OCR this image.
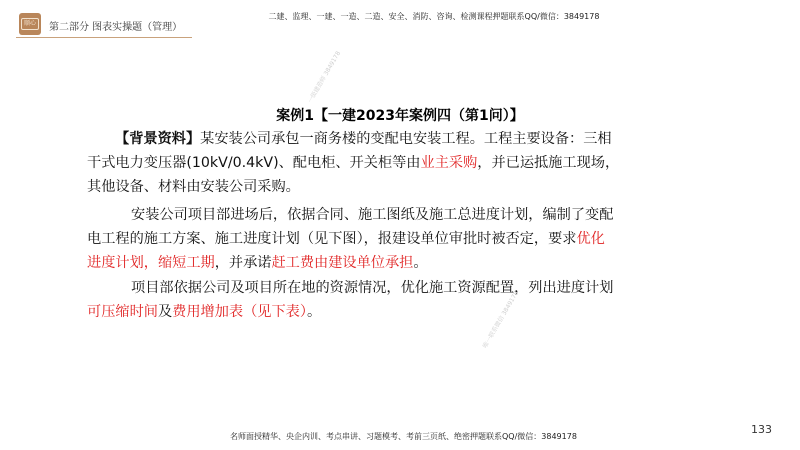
顺心	第二部分 图表实操题（管理）
二建、监理、一建、一造、二造、安全、消防、咨询、检测课程押题联系QQ/微信：3849178
案例1【一建2023年案例四（第1问）】
【背景资料】某安装公司承包一商务楼的变配电安装工程。工程主要设备：三相
干式电力变压器(10kV/0.4kV)、配电柜、开关柜等由业主采购，并已运抵施工现场，
其他设备、材料由安装公司采购。
安装公司项目部进场后，依据合同、施工图纸及施工总进度计划，编制了变配
电工程的施工方案、施工进度计划（见下图），报建设单位审批时被否定，要求优化
进度计划，缩短工期，并承诺赶工费由建设单位承担。
项目部依据公司及项目所在地的资源情况，优化施工资源配置，列出进度计划
可压缩时间及费用增加表（见下表）。
一级建造师 3849178
唯一联系微信 3849178
133
名师面授精华、央企内训、考点串讲、习题模考、考前三页纸、绝密押题联系QQ/微信：3849178
